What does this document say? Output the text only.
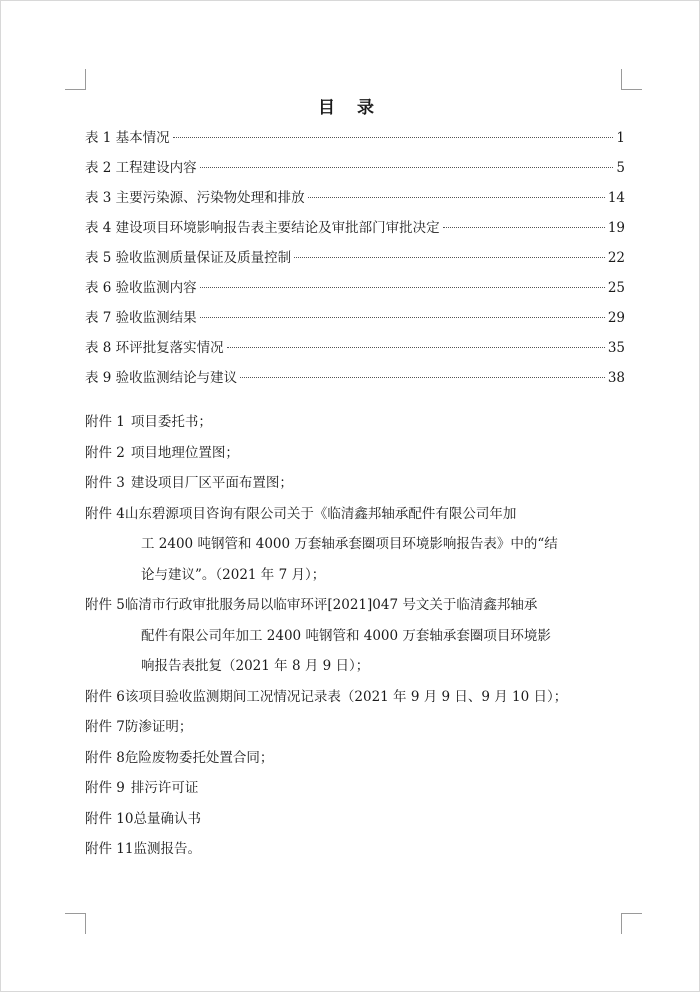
目 录
表 1 基本情况	1
表 2 工程建设内容	5
表 3 主要污染源、污染物处理和排放	14
表 4 建设项目环境影响报告表主要结论及审批部门审批决定	19
表 5 验收监测质量保证及质量控制	22
表 6 验收监测内容	25
表 7 验收监测结果	29
表 8 环评批复落实情况	35
表 9 验收监测结论与建议	38
附件 1 项目委托书；
附件 2 项目地理位置图；
附件 3 建设项目厂区平面布置图；
附件 4山东碧源项目咨询有限公司关于《临清鑫邦轴承配件有限公司年加
工 2400 吨钢管和 4000 万套轴承套圈项目环境影响报告表》中的“结
论与建议”。（2021 年 7 月）；
附件 5临清市行政审批服务局以临审环评[2021]047 号文关于临清鑫邦轴承
配件有限公司年加工 2400 吨钢管和 4000 万套轴承套圈项目环境影
响报告表批复（2021 年 8 月 9 日）；
附件 6 该项目验收监测期间工况情况记录表（2021 年 9 月 9 日、9 月 10 日）；
附件 7 防渗证明；
附件 8 危险废物委托处置合同；
附件 9 排污许可证
附件 10 总量确认书
附件 11 监测报告。
